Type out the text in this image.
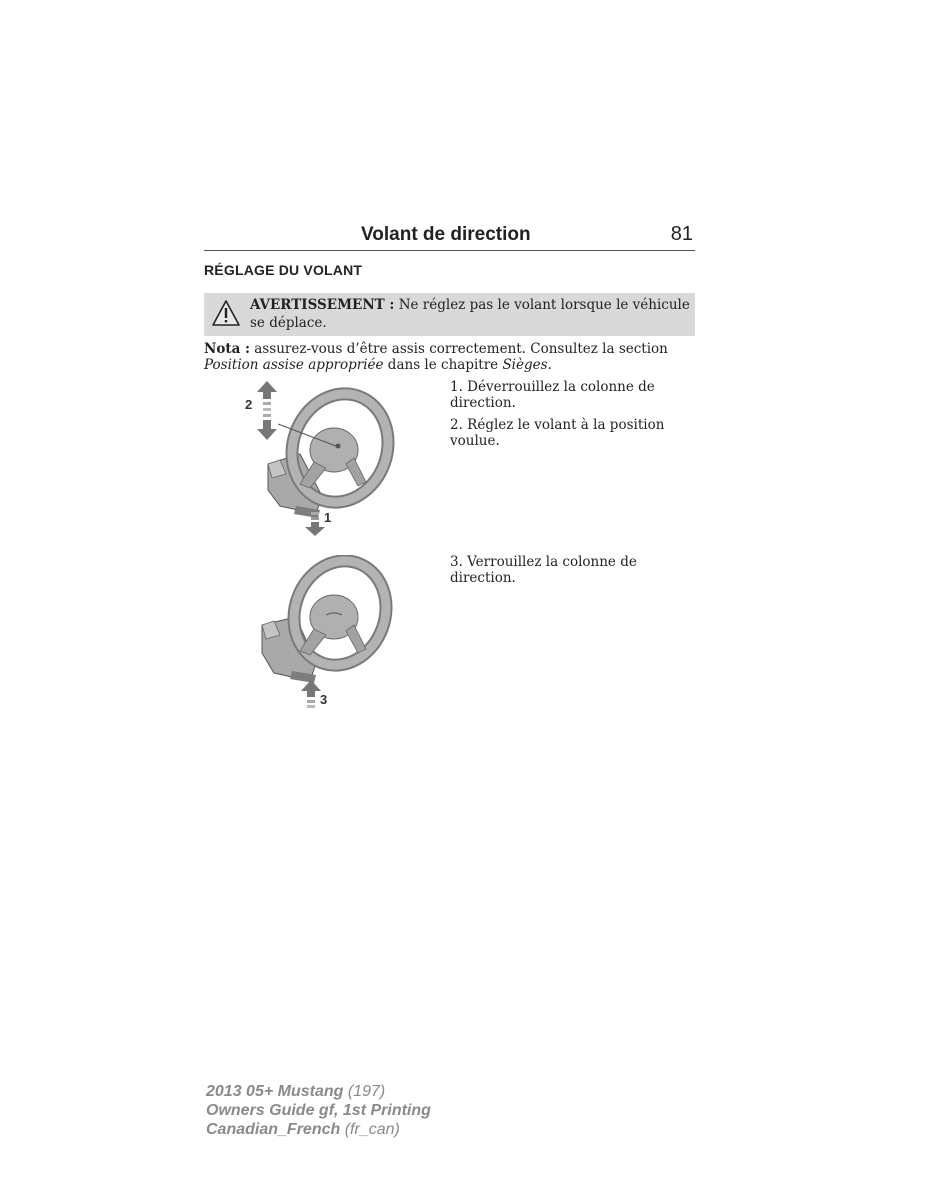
Volant de direction	81
RÉGLAGE DU VOLANT
AVERTISSEMENT : Ne réglez pas le volant lorsque le véhicule se déplace.
Nota : assurez-vous d’être assis correctement. Consultez la section Position assise appropriée dans le chapitre Sièges.
2
1
3

1. Déverrouillez la colonne de direction.

2. Réglez le volant à la position voulue.

3. Verrouillez la colonne de direction.

2013 05+ Mustang (197)
Owners Guide gf, 1st Printing
Canadian_French (fr_can)
